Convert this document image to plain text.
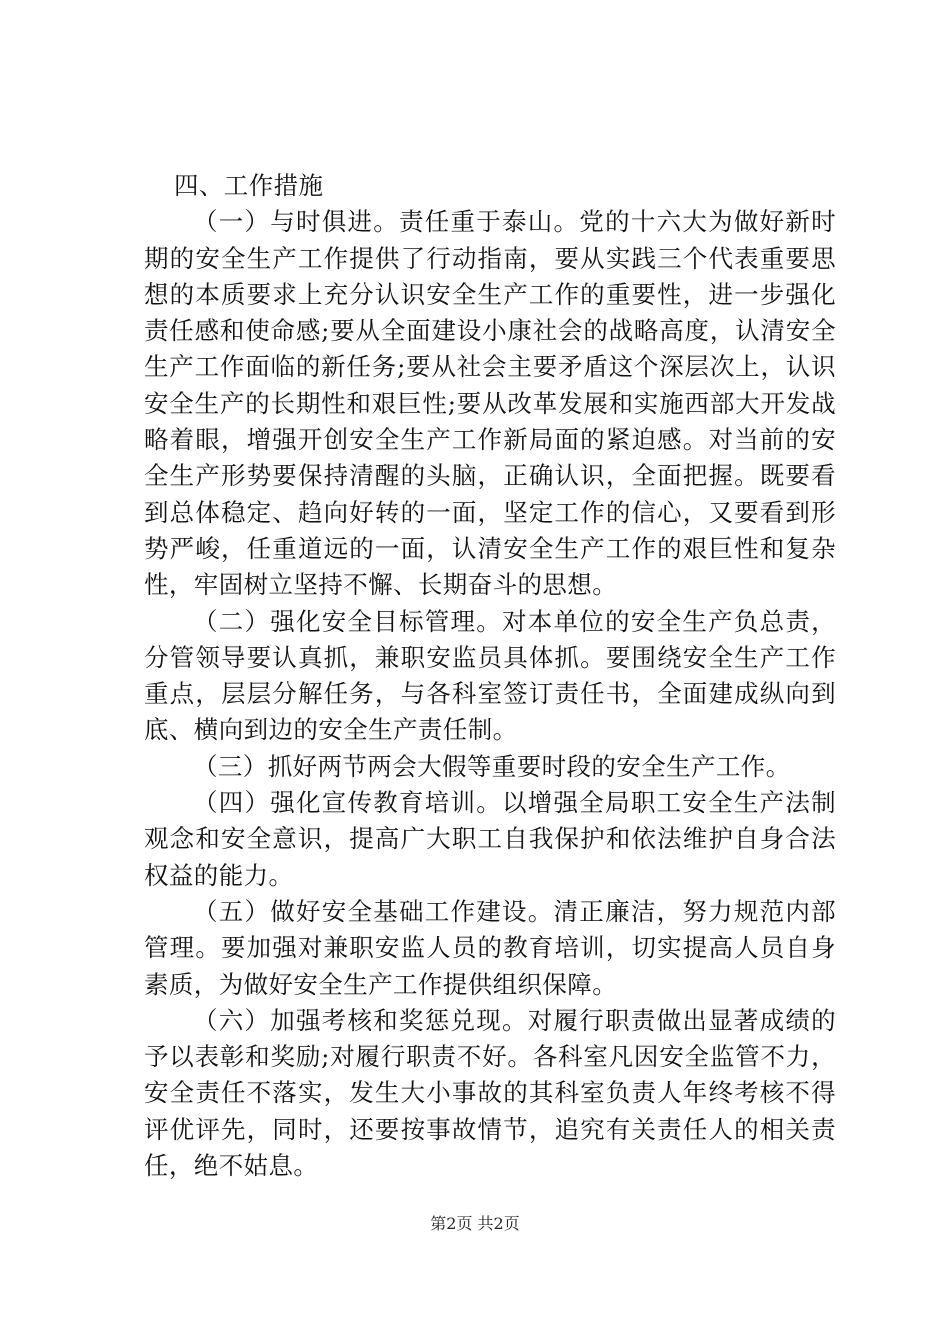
四、工作措施

（一）与时俱进。责任重于泰山。党的十六大为做好新时期的安全生产工作提供了行动指南，要从实践三个代表重要思想的本质要求上充分认识安全生产工作的重要性，进一步强化责任感和使命感;要从全面建设小康社会的战略高度，认清安全生产工作面临的新任务;要从社会主要矛盾这个深层次上，认识安全生产的长期性和艰巨性;要从改革发展和实施西部大开发战略着眼，增强开创安全生产工作新局面的紧迫感。对当前的安全生产形势要保持清醒的头脑，正确认识，全面把握。既要看到总体稳定、趋向好转的一面，坚定工作的信心，又要看到形势严峻，任重道远的一面，认清安全生产工作的艰巨性和复杂性，牢固树立坚持不懈、长期奋斗的思想。

（二）强化安全目标管理。对本单位的安全生产负总责，分管领导要认真抓，兼职安监员具体抓。要围绕安全生产工作重点，层层分解任务，与各科室签订责任书，全面建成纵向到底、横向到边的安全生产责任制。

（三）抓好两节两会大假等重要时段的安全生产工作。

（四）强化宣传教育培训。以增强全局职工安全生产法制观念和安全意识，提高广大职工自我保护和依法维护自身合法权益的能力。

（五）做好安全基础工作建设。清正廉洁，努力规范内部管理。要加强对兼职安监人员的教育培训，切实提高人员自身素质，为做好安全生产工作提供组织保障。

（六）加强考核和奖惩兑现。对履行职责做出显著成绩的予以表彰和奖励;对履行职责不好。各科室凡因安全监管不力，安全责任不落实，发生大小事故的其科室负责人年终考核不得评优评先，同时，还要按事故情节，追究有关责任人的相关责任，绝不姑息。

第2页 共2页
